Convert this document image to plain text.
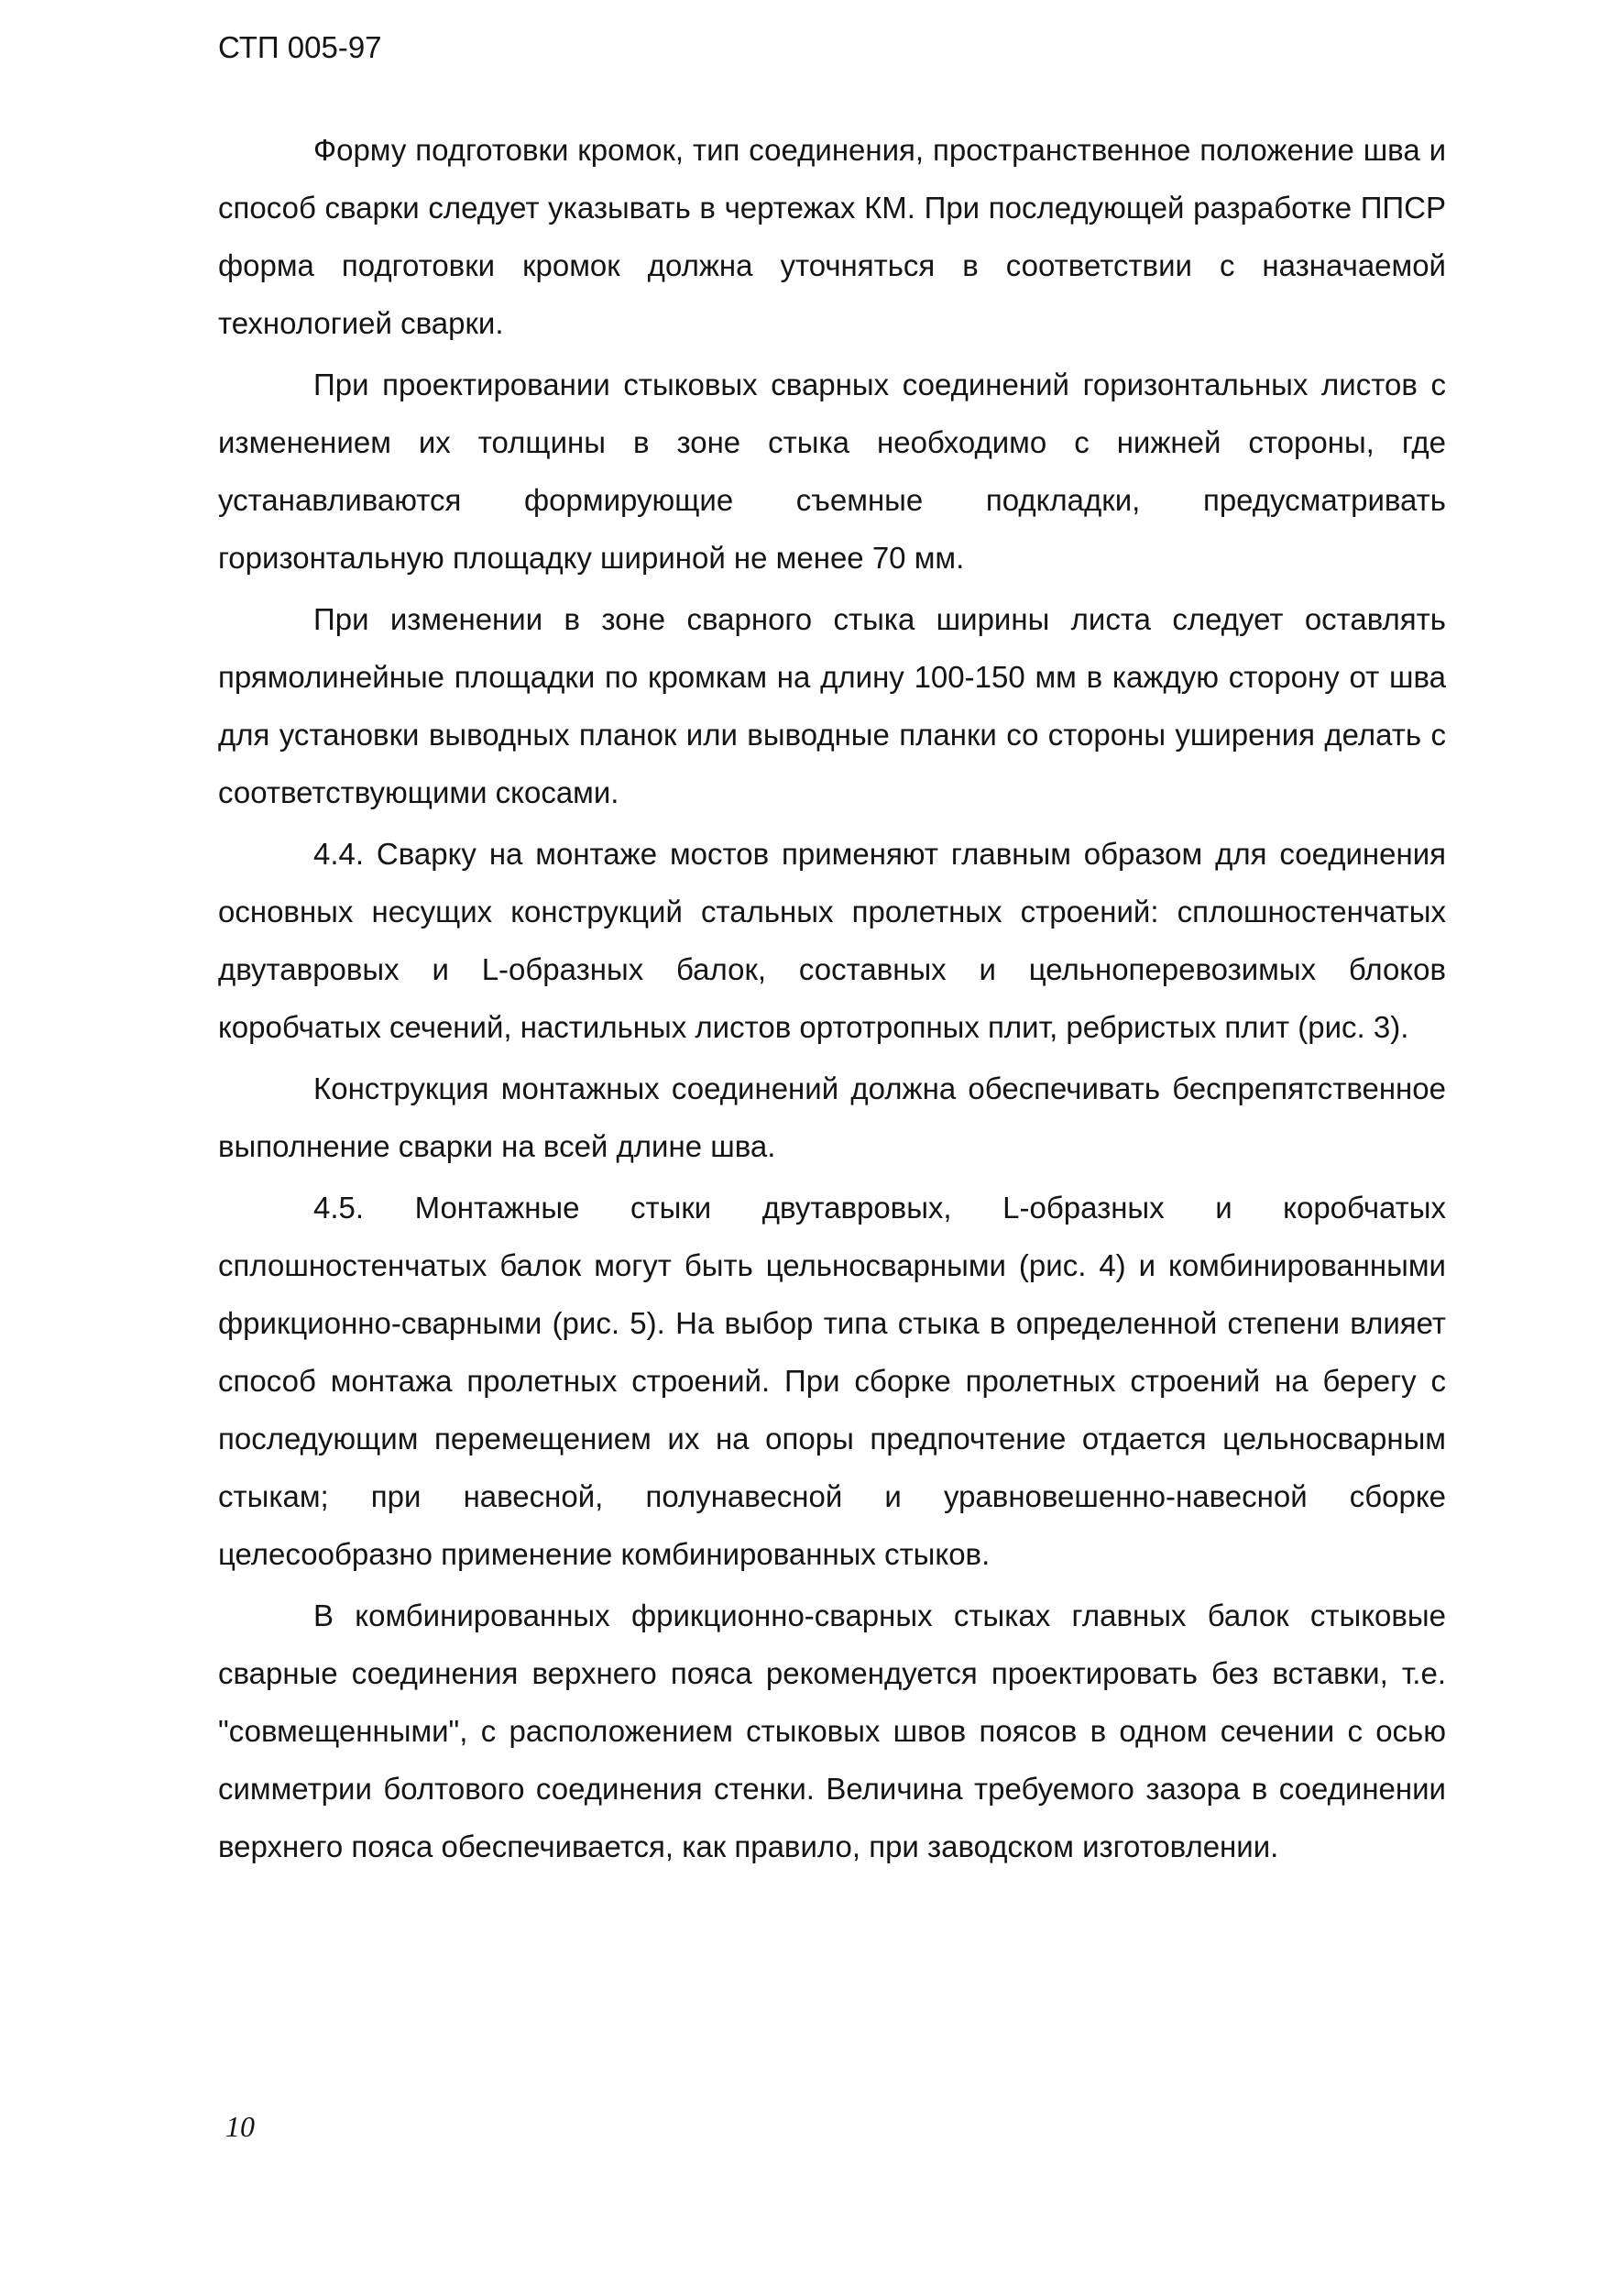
СТП 005-97

Форму подготовки кромок, тип соединения, пространственное положение шва и способ сварки следует указывать в чертежах КМ. При последующей разработке ППСР форма подготовки кромок должна уточняться в соответствии с назначаемой технологией сварки.

При проектировании стыковых сварных соединений горизонтальных листов с изменением их толщины в зоне стыка необходимо с нижней стороны, где устанавливаются формирующие съемные подкладки, предусматривать горизонтальную площадку шириной не менее 70 мм.

При изменении в зоне сварного стыка ширины листа следует оставлять прямолинейные площадки по кромкам на длину 100-150 мм в каждую сторону от шва для установки выводных планок или выводные планки со стороны уширения делать с соответствующими скосами.

4.4. Сварку на монтаже мостов применяют главным образом для соединения основных несущих конструкций стальных пролетных строений: сплошностенчатых двутавровых и L-образных балок, составных и цельноперевозимых блоков коробчатых сечений, настильных листов ортотропных плит, ребристых плит (рис. 3).

Конструкция монтажных соединений должна обеспечивать беспрепятственное выполнение сварки на всей длине шва.

4.5. Монтажные стыки двутавровых, L-образных и коробчатых сплошностенчатых балок могут быть цельносварными (рис. 4) и комбинированными фрикционно-сварными (рис. 5). На выбор типа стыка в определенной степени влияет способ монтажа пролетных строений. При сборке пролетных строений на берегу с последующим перемещением их на опоры предпочтение отдается цельносварным стыкам; при навесной, полунавесной и уравновешенно-навесной сборке целесообразно применение комбинированных стыков.

В комбинированных фрикционно-сварных стыках главных балок стыковые сварные соединения верхнего пояса рекомендуется проектировать без вставки, т.е. "совмещенными", с расположением стыковых швов поясов в одном сечении с осью симметрии болтового соединения стенки. Величина требуемого зазора в соединении верхнего пояса обеспечивается, как правило, при заводском изготовлении.

10
